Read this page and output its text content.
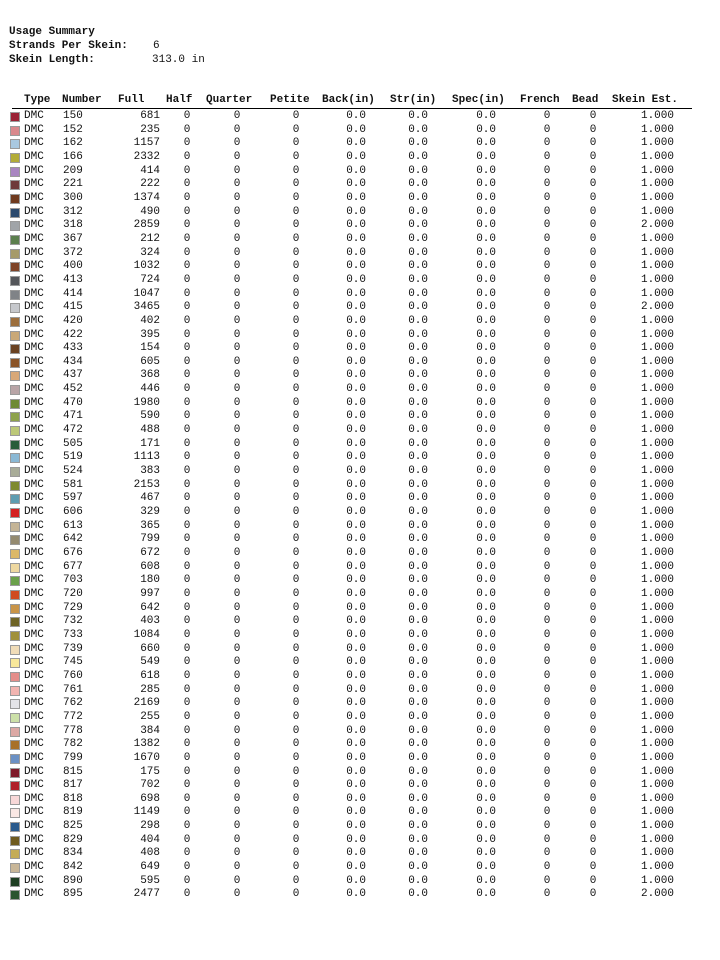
Usage Summary
Strands Per Skein: 6
Skein Length:	313.0 in
Type Number Full Half Quarter Petite Back(in) Str(in) Spec(in) French Bead Skein Est.
DMC	150	681	0	0	0	0.0	0.0	0.0	0	0	1.000
DMC	152	235	0	0	0	0.0	0.0	0.0	0	0	1.000
DMC	162	1157	0	0	0	0.0	0.0	0.0	0	0	1.000
DMC	166	2332	0	0	0	0.0	0.0	0.0	0	0	1.000
DMC	209	414	0	0	0	0.0	0.0	0.0	0	0	1.000
DMC	221	222	0	0	0	0.0	0.0	0.0	0	0	1.000
DMC	300	1374	0	0	0	0.0	0.0	0.0	0	0	1.000
DMC	312	490	0	0	0	0.0	0.0	0.0	0	0	1.000
DMC	318	2859	0	0	0	0.0	0.0	0.0	0	0	2.000
DMC	367	212	0	0	0	0.0	0.0	0.0	0	0	1.000
DMC	372	324	0	0	0	0.0	0.0	0.0	0	0	1.000
DMC	400	1032	0	0	0	0.0	0.0	0.0	0	0	1.000
DMC	413	724	0	0	0	0.0	0.0	0.0	0	0	1.000
DMC	414	1047	0	0	0	0.0	0.0	0.0	0	0	1.000
DMC	415	3465	0	0	0	0.0	0.0	0.0	0	0	2.000
DMC	420	402	0	0	0	0.0	0.0	0.0	0	0	1.000
DMC	422	395	0	0	0	0.0	0.0	0.0	0	0	1.000
DMC	433	154	0	0	0	0.0	0.0	0.0	0	0	1.000
DMC	434	605	0	0	0	0.0	0.0	0.0	0	0	1.000
DMC	437	368	0	0	0	0.0	0.0	0.0	0	0	1.000
DMC	452	446	0	0	0	0.0	0.0	0.0	0	0	1.000
DMC	470	1980	0	0	0	0.0	0.0	0.0	0	0	1.000
DMC	471	590	0	0	0	0.0	0.0	0.0	0	0	1.000
DMC	472	488	0	0	0	0.0	0.0	0.0	0	0	1.000
DMC	505	171	0	0	0	0.0	0.0	0.0	0	0	1.000
DMC	519	1113	0	0	0	0.0	0.0	0.0	0	0	1.000
DMC	524	383	0	0	0	0.0	0.0	0.0	0	0	1.000
DMC	581	2153	0	0	0	0.0	0.0	0.0	0	0	1.000
DMC	597	467	0	0	0	0.0	0.0	0.0	0	0	1.000
DMC	606	329	0	0	0	0.0	0.0	0.0	0	0	1.000
DMC	613	365	0	0	0	0.0	0.0	0.0	0	0	1.000
DMC	642	799	0	0	0	0.0	0.0	0.0	0	0	1.000
DMC	676	672	0	0	0	0.0	0.0	0.0	0	0	1.000
DMC	677	608	0	0	0	0.0	0.0	0.0	0	0	1.000
DMC	703	180	0	0	0	0.0	0.0	0.0	0	0	1.000
DMC	720	997	0	0	0	0.0	0.0	0.0	0	0	1.000
DMC	729	642	0	0	0	0.0	0.0	0.0	0	0	1.000
DMC	732	403	0	0	0	0.0	0.0	0.0	0	0	1.000
DMC	733	1084	0	0	0	0.0	0.0	0.0	0	0	1.000
DMC	739	660	0	0	0	0.0	0.0	0.0	0	0	1.000
DMC	745	549	0	0	0	0.0	0.0	0.0	0	0	1.000
DMC	760	618	0	0	0	0.0	0.0	0.0	0	0	1.000
DMC	761	285	0	0	0	0.0	0.0	0.0	0	0	1.000
DMC	762	2169	0	0	0	0.0	0.0	0.0	0	0	1.000
DMC	772	255	0	0	0	0.0	0.0	0.0	0	0	1.000
DMC	778	384	0	0	0	0.0	0.0	0.0	0	0	1.000
DMC	782	1382	0	0	0	0.0	0.0	0.0	0	0	1.000
DMC	799	1670	0	0	0	0.0	0.0	0.0	0	0	1.000
DMC	815	175	0	0	0	0.0	0.0	0.0	0	0	1.000
DMC	817	702	0	0	0	0.0	0.0	0.0	0	0	1.000
DMC	818	698	0	0	0	0.0	0.0	0.0	0	0	1.000
DMC	819	1149	0	0	0	0.0	0.0	0.0	0	0	1.000
DMC	825	298	0	0	0	0.0	0.0	0.0	0	0	1.000
DMC	829	404	0	0	0	0.0	0.0	0.0	0	0	1.000
DMC	834	408	0	0	0	0.0	0.0	0.0	0	0	1.000
DMC	842	649	0	0	0	0.0	0.0	0.0	0	0	1.000
DMC	890	595	0	0	0	0.0	0.0	0.0	0	0	1.000
DMC	895	2477	0	0	0	0.0	0.0	0.0	0	0	2.000
